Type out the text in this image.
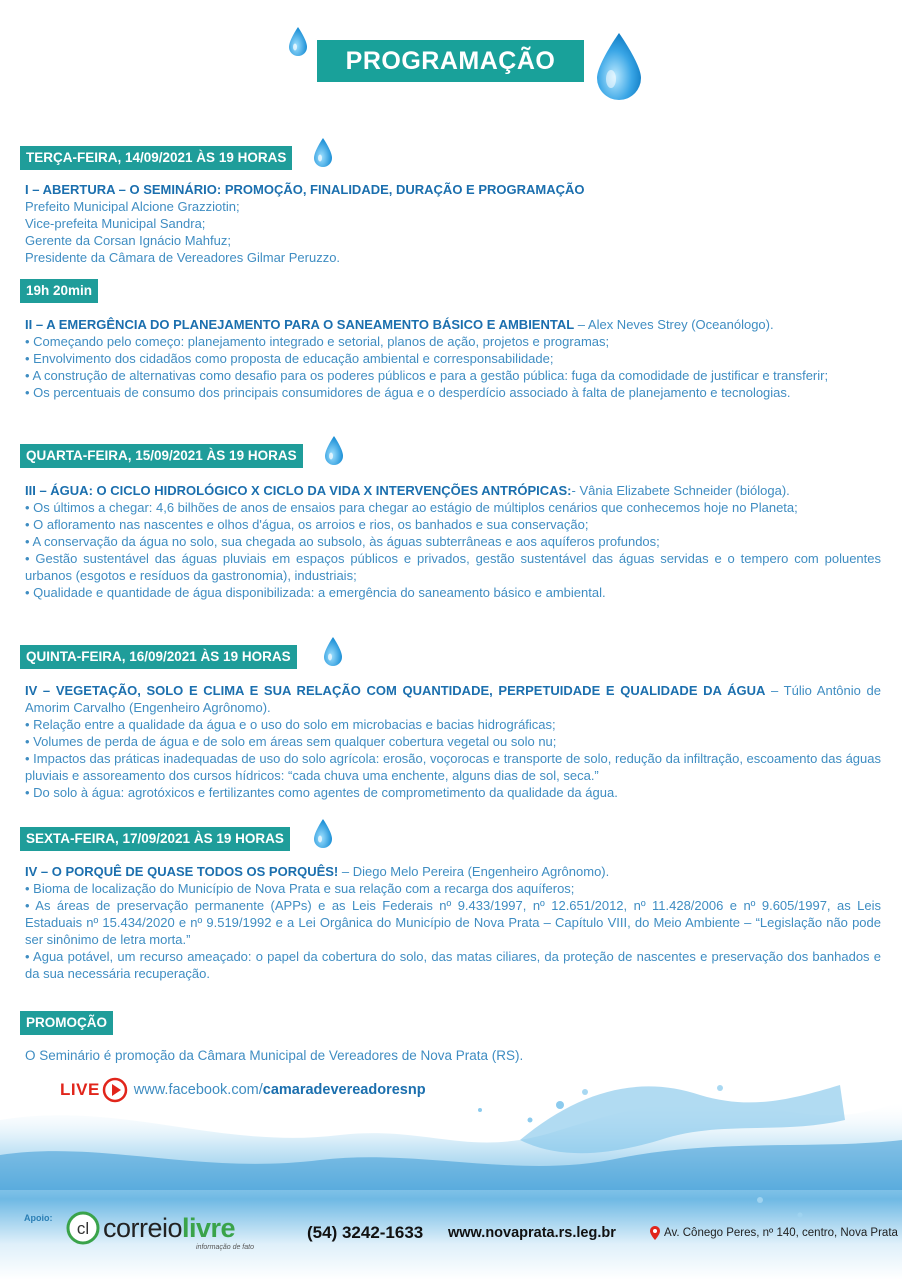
PROGRAMAÇÃO
TERÇA-FEIRA, 14/09/2021 ÀS 19 HORAS

I – ABERTURA – O SEMINÁRIO: PROMOÇÃO, FINALIDADE, DURAÇÃO E PROGRAMAÇÃO

Prefeito Municipal Alcione Grazziotin;

Vice-prefeita Municipal Sandra;

Gerente da Corsan Ignácio Mahfuz;

Presidente da Câmara de Vereadores Gilmar Peruzzo.

19h 20min

II – A EMERGÊNCIA DO PLANEJAMENTO PARA O SANEAMENTO BÁSICO E AMBIENTAL – Alex Neves Strey (Oceanólogo).

• Começando pelo começo: planejamento integrado e setorial, planos de ação, projetos e programas;

• Envolvimento dos cidadãos como proposta de educação ambiental e corresponsabilidade;

• A construção de alternativas como desafio para os poderes públicos e para a gestão pública: fuga da comodidade de justificar e transferir;

• Os percentuais de consumo dos principais consumidores de água e o desperdício associado à falta de planejamento e tecnologias.

QUARTA-FEIRA, 15/09/2021 ÀS 19 HORAS

III – ÁGUA: O CICLO HIDROLÓGICO X CICLO DA VIDA X INTERVENÇÕES ANTRÓPICAS:- Vânia Elizabete Schneider (bióloga).

• Os últimos a chegar: 4,6 bilhões de anos de ensaios para chegar ao estágio de múltiplos cenários que conhecemos hoje no Planeta;

• O afloramento nas nascentes e olhos d'água, os arroios e rios, os banhados e sua conservação;

• A conservação da água no solo, sua chegada ao subsolo, às águas subterrâneas e aos aquíferos profundos;

• Gestão sustentável das águas pluviais em espaços públicos e privados, gestão sustentável das águas servidas e o tempero com poluentes urbanos (esgotos e resíduos da gastronomia), industriais;

• Qualidade e quantidade de água disponibilizada: a emergência do saneamento básico e ambiental.

QUINTA-FEIRA, 16/09/2021 ÀS 19 HORAS

IV – VEGETAÇÃO, SOLO E CLIMA E SUA RELAÇÃO COM QUANTIDADE, PERPETUIDADE E QUALIDADE DA ÁGUA – Túlio Antônio de Amorim Carvalho (Engenheiro Agrônomo).

• Relação entre a qualidade da água e o uso do solo em microbacias e bacias hidrográficas;

• Volumes de perda de água e de solo em áreas sem qualquer cobertura vegetal ou solo nu;

• Impactos das práticas inadequadas de uso do solo agrícola: erosão, voçorocas e transporte de solo, redução da infiltração, escoamento das águas pluviais e assoreamento dos cursos hídricos: “cada chuva uma enchente, alguns dias de sol, seca.”

• Do solo à água: agrotóxicos e fertilizantes como agentes de comprometimento da qualidade da água.

SEXTA-FEIRA, 17/09/2021 ÀS 19 HORAS

IV – O PORQUÊ DE QUASE TODOS OS PORQUÊS! – Diego Melo Pereira (Engenheiro Agrônomo).

• Bioma de localização do Município de Nova Prata e sua relação com a recarga dos aquíferos;

• As áreas de preservação permanente (APPs) e as Leis Federais nº 9.433/1997, nº 12.651/2012, nº 11.428/2006 e nº 9.605/1997, as Leis Estaduais nº 15.434/2020 e nº 9.519/1992 e a Lei Orgânica do Município de Nova Prata – Capítulo VIII, do Meio Ambiente – “Legislação não pode ser sinônimo de letra morta.”

• Agua potável, um recurso ameaçado: o papel da cobertura do solo, das matas ciliares, da proteção de nascentes e preservação dos banhados e da sua necessária recuperação.

PROMOÇÃO
O Seminário é promoção da Câmara Municipal de Vereadores de Nova Prata (RS).
LIVE www.facebook.com/camaradevereadoresnp
Apoio:
cl correiolivre
informação de fato
(54) 3242-1633 www.novaprata.rs.leg.br	Av. Cônego Peres, nº 140, centro, Nova Prata
